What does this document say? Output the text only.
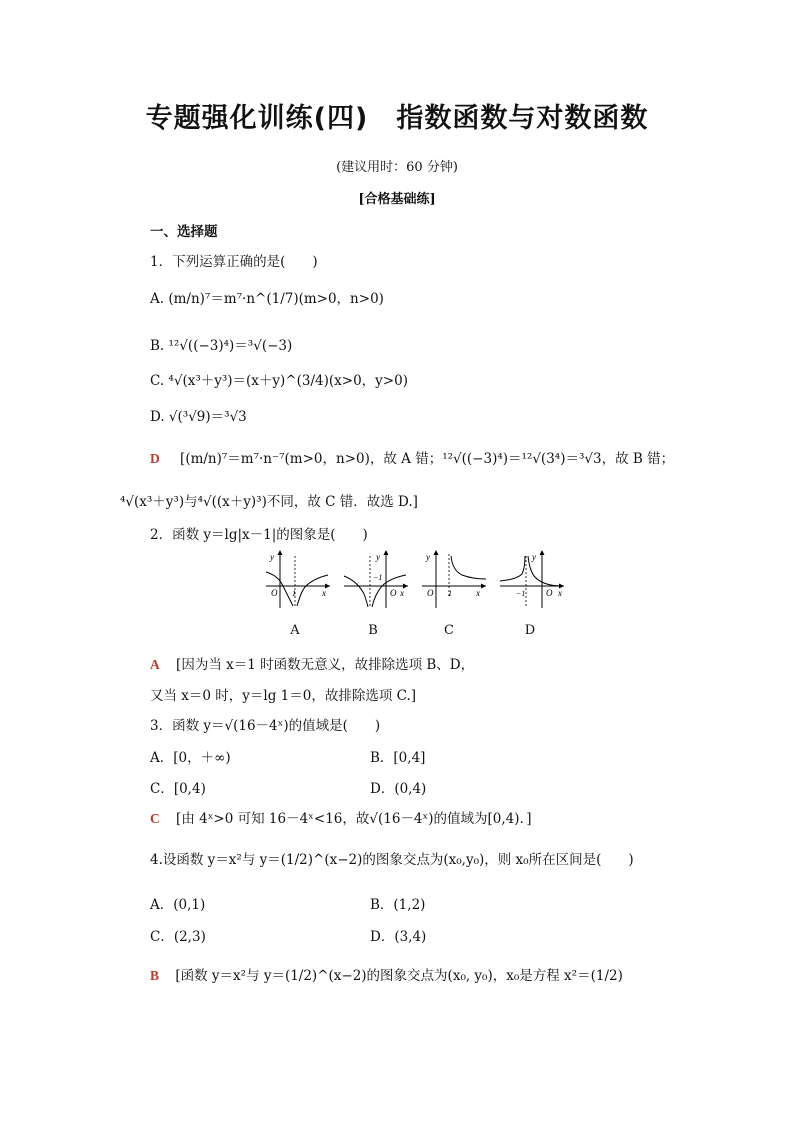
专题强化训练(四)　指数函数与对数函数
(建议用时：60 分钟)
[合格基础练]
一、选择题
1．下列运算正确的是(　　)
A. (m/n)⁷＝m⁷·n^(1/7)(m>0，n>0)
B. ¹²√((−3)⁴)＝³√(−3)
C. ⁴√(x³＋y³)＝(x＋y)^(3/4)(x>0，y>0)
D. √(³√9)＝³√3
D [(m/n)⁷＝m⁷·n⁻⁷(m>0，n>0)，故 A 错；¹²√((−3)⁴)＝¹²√(3⁴)＝³√3，故 B 错；
⁴√(x³＋y³)与⁴√((x＋y)³)不同，故 C 错．故选 D.]
2．函数 y＝lg|x－1|的图象是(　　)
y
O 1	x
y
O
−1
x
y
O 1	x
y
O
−1	x
A	B	C	D
A [因为当 x＝1 时函数无意义，故排除选项 B、D，
又当 x＝0 时，y＝lg 1＝0，故排除选项 C.]
3．函数 y＝√(16－4ˣ)的值域是(　　)
A．[0，＋∞)	B．[0,4]
C．[0,4)	D．(0,4)
C [由 4ˣ>0 可知 16－4ˣ<16，故√(16－4ˣ)的值域为[0,4)．]
4.设函数 y＝x²与 y＝(1/2)^(x−2)的图象交点为(x₀,y₀)，则 x₀所在区间是(　　)
A．(0,1)	B．(1,2)
C．(2,3)	D．(3,4)
B [函数 y＝x²与 y＝(1/2)^(x−2)的图象交点为(x₀, y₀)，x₀是方程 x²＝(1/2)
